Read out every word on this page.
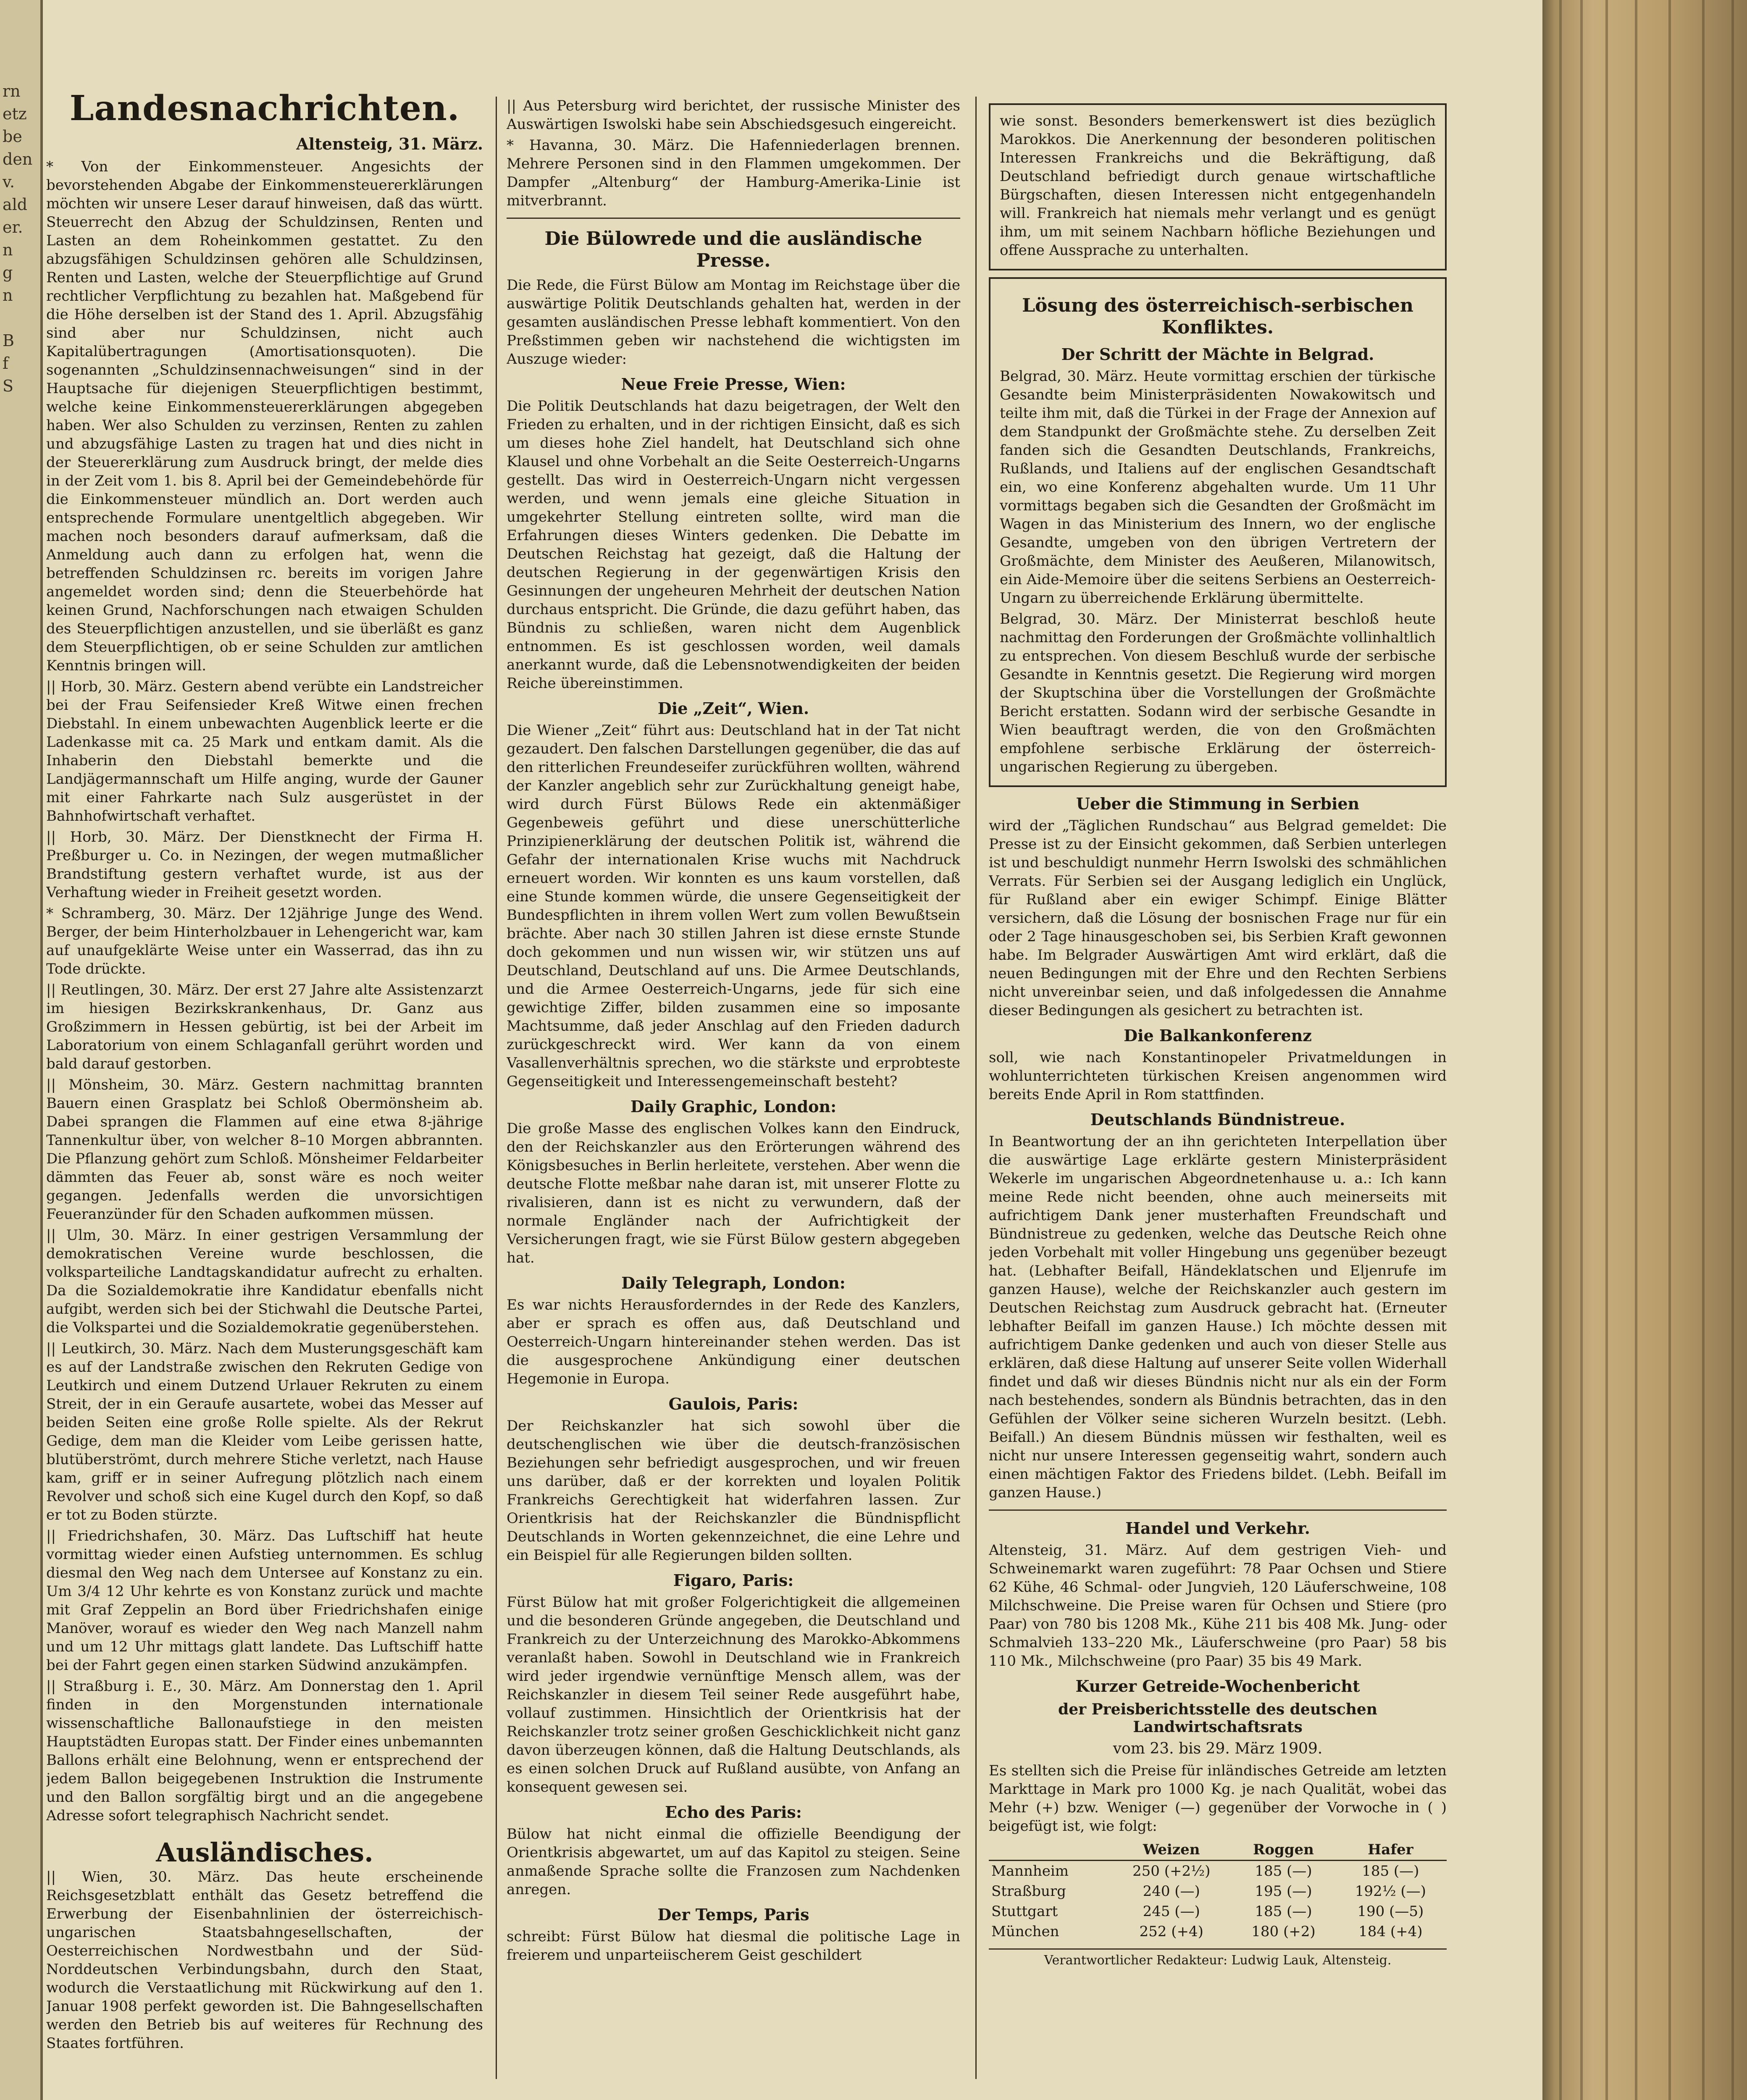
rn
etz
be
den
v.
ald
er.
n
g
n
B
f
S
Landesnachrichten.
Altensteig, 31. März.

* Von der Einkommensteuer. Angesichts der bevorstehenden Abgabe der Einkommensteuererklärungen möchten wir unsere Leser darauf hinweisen, daß das württ. Steuerrecht den Abzug der Schuldzinsen, Renten und Lasten an dem Roheinkommen gestattet. Zu den abzugsfähigen Schuldzinsen gehören alle Schuldzinsen, Renten und Lasten, welche der Steuerpflichtige auf Grund rechtlicher Verpflichtung zu bezahlen hat. Maßgebend für die Höhe derselben ist der Stand des 1. April. Abzugsfähig sind aber nur Schuldzinsen, nicht auch Kapitalübertragungen (Amortisationsquoten). Die sogenannten „Schuldzinsennachweisungen“ sind in der Hauptsache für diejenigen Steuerpflichtigen bestimmt, welche keine Einkommensteuererklärungen abgegeben haben. Wer also Schulden zu verzinsen, Renten zu zahlen und abzugsfähige Lasten zu tragen hat und dies nicht in der Steuererklärung zum Ausdruck bringt, der melde dies in der Zeit vom 1. bis 8. April bei der Gemeindebehörde für die Einkommensteuer mündlich an. Dort werden auch entsprechende Formulare unentgeltlich abgegeben. Wir machen noch besonders darauf aufmerksam, daß die Anmeldung auch dann zu erfolgen hat, wenn die betreffenden Schuldzinsen rc. bereits im vorigen Jahre angemeldet worden sind; denn die Steuerbehörde hat keinen Grund, Nachforschungen nach etwaigen Schulden des Steuerpflichtigen anzustellen, und sie überläßt es ganz dem Steuerpflichtigen, ob er seine Schulden zur amtlichen Kenntnis bringen will.

|| Horb, 30. März. Gestern abend verübte ein Landstreicher bei der Frau Seifensieder Kreß Witwe einen frechen Diebstahl. In einem unbewachten Augenblick leerte er die Ladenkasse mit ca. 25 Mark und entkam damit. Als die Inhaberin den Diebstahl bemerkte und die Landjägermannschaft um Hilfe anging, wurde der Gauner mit einer Fahrkarte nach Sulz ausgerüstet in der Bahnhofwirtschaft verhaftet.

|| Horb, 30. März. Der Dienstknecht der Firma H. Preßburger u. Co. in Nezingen, der wegen mutmaßlicher Brandstiftung gestern verhaftet wurde, ist aus der Verhaftung wieder in Freiheit gesetzt worden.

* Schramberg, 30. März. Der 12jährige Junge des Wend. Berger, der beim Hinterholzbauer in Lehengericht war, kam auf unaufgeklärte Weise unter ein Wasserrad, das ihn zu Tode drückte.

|| Reutlingen, 30. März. Der erst 27 Jahre alte Assistenzarzt im hiesigen Bezirkskrankenhaus, Dr. Ganz aus Großzimmern in Hessen gebürtig, ist bei der Arbeit im Laboratorium von einem Schlaganfall gerührt worden und bald darauf gestorben.

|| Mönsheim, 30. März. Gestern nachmittag brannten Bauern einen Grasplatz bei Schloß Obermönsheim ab. Dabei sprangen die Flammen auf eine etwa 8-jährige Tannenkultur über, von welcher 8–10 Morgen abbrannten. Die Pflanzung gehört zum Schloß. Mönsheimer Feldarbeiter dämmten das Feuer ab, sonst wäre es noch weiter gegangen. Jedenfalls werden die unvorsichtigen Feueranzünder für den Schaden aufkommen müssen.

|| Ulm, 30. März. In einer gestrigen Versammlung der demokratischen Vereine wurde beschlossen, die volksparteiliche Landtagskandidatur aufrecht zu erhalten. Da die Sozialdemokratie ihre Kandidatur ebenfalls nicht aufgibt, werden sich bei der Stichwahl die Deutsche Partei, die Volkspartei und die Sozialdemokratie gegenüberstehen.

|| Leutkirch, 30. März. Nach dem Musterungsgeschäft kam es auf der Landstraße zwischen den Rekruten Gedige von Leutkirch und einem Dutzend Urlauer Rekruten zu einem Streit, der in ein Geraufe ausartete, wobei das Messer auf beiden Seiten eine große Rolle spielte. Als der Rekrut Gedige, dem man die Kleider vom Leibe gerissen hatte, blutüberströmt, durch mehrere Stiche verletzt, nach Hause kam, griff er in seiner Aufregung plötzlich nach einem Revolver und schoß sich eine Kugel durch den Kopf, so daß er tot zu Boden stürzte.

|| Friedrichshafen, 30. März. Das Luftschiff hat heute vormittag wieder einen Aufstieg unternommen. Es schlug diesmal den Weg nach dem Untersee auf Konstanz zu ein. Um 3/4 12 Uhr kehrte es von Konstanz zurück und machte mit Graf Zeppelin an Bord über Friedrichshafen einige Manöver, worauf es wieder den Weg nach Manzell nahm und um 12 Uhr mittags glatt landete. Das Luftschiff hatte bei der Fahrt gegen einen starken Südwind anzukämpfen.

|| Straßburg i. E., 30. März. Am Donnerstag den 1. April finden in den Morgenstunden internationale wissenschaftliche Ballonaufstiege in den meisten Hauptstädten Europas statt. Der Finder eines unbemannten Ballons erhält eine Belohnung, wenn er entsprechend der jedem Ballon beigegebenen Instruktion die Instrumente und den Ballon sorgfältig birgt und an die angegebene Adresse sofort telegraphisch Nachricht sendet.

Ausländisches.

|| Wien, 30. März. Das heute erscheinende Reichsgesetzblatt enthält das Gesetz betreffend die Erwerbung der Eisenbahnlinien der österreichisch-ungarischen Staatsbahngesellschaften, der Oesterreichischen Nordwestbahn und der Süd-Norddeutschen Verbindungsbahn, durch den Staat, wodurch die Verstaatlichung mit Rückwirkung auf den 1. Januar 1908 perfekt geworden ist. Die Bahngesellschaften werden den Betrieb bis auf weiteres für Rechnung des Staates fortführen.

|| Aus Petersburg wird berichtet, der russische Minister des Auswärtigen Iswolski habe sein Abschiedsgesuch eingereicht.

* Havanna, 30. März. Die Hafenniederlagen brennen. Mehrere Personen sind in den Flammen umgekommen. Der Dampfer „Altenburg“ der Hamburg-Amerika-Linie ist mitverbrannt.

Die Bülowrede und die ausländische Presse.

Die Rede, die Fürst Bülow am Montag im Reichstage über die auswärtige Politik Deutschlands gehalten hat, werden in der gesamten ausländischen Presse lebhaft kommentiert. Von den Preßstimmen geben wir nachstehend die wichtigsten im Auszuge wieder:

Neue Freie Presse, Wien:

Die Politik Deutschlands hat dazu beigetragen, der Welt den Frieden zu erhalten, und in der richtigen Einsicht, daß es sich um dieses hohe Ziel handelt, hat Deutschland sich ohne Klausel und ohne Vorbehalt an die Seite Oesterreich-Ungarns gestellt. Das wird in Oesterreich-Ungarn nicht vergessen werden, und wenn jemals eine gleiche Situation in umgekehrter Stellung eintreten sollte, wird man die Erfahrungen dieses Winters gedenken. Die Debatte im Deutschen Reichstag hat gezeigt, daß die Haltung der deutschen Regierung in der gegenwärtigen Krisis den Gesinnungen der ungeheuren Mehrheit der deutschen Nation durchaus entspricht. Die Gründe, die dazu geführt haben, das Bündnis zu schließen, waren nicht dem Augenblick entnommen. Es ist geschlossen worden, weil damals anerkannt wurde, daß die Lebensnotwendigkeiten der beiden Reiche übereinstimmen.

Die „Zeit“, Wien.

Die Wiener „Zeit“ führt aus: Deutschland hat in der Tat nicht gezaudert. Den falschen Darstellungen gegenüber, die das auf den ritterlichen Freundeseifer zurückführen wollten, während der Kanzler angeblich sehr zur Zurückhaltung geneigt habe, wird durch Fürst Bülows Rede ein aktenmäßiger Gegenbeweis geführt und diese unerschütterliche Prinzipienerklärung der deutschen Politik ist, während die Gefahr der internationalen Krise wuchs mit Nachdruck erneuert worden. Wir konnten es uns kaum vorstellen, daß eine Stunde kommen würde, die unsere Gegenseitigkeit der Bundespflichten in ihrem vollen Wert zum vollen Bewußtsein brächte. Aber nach 30 stillen Jahren ist diese ernste Stunde doch gekommen und nun wissen wir, wir stützen uns auf Deutschland, Deutschland auf uns. Die Armee Deutschlands, und die Armee Oesterreich-Ungarns, jede für sich eine gewichtige Ziffer, bilden zusammen eine so imposante Machtsumme, daß jeder Anschlag auf den Frieden dadurch zurückgeschreckt wird. Wer kann da von einem Vasallenverhältnis sprechen, wo die stärkste und erprobteste Gegenseitigkeit und Interessengemeinschaft besteht?

Daily Graphic, London:

Die große Masse des englischen Volkes kann den Eindruck, den der Reichskanzler aus den Erörterungen während des Königsbesuches in Berlin herleitete, verstehen. Aber wenn die deutsche Flotte meßbar nahe daran ist, mit unserer Flotte zu rivalisieren, dann ist es nicht zu verwundern, daß der normale Engländer nach der Aufrichtigkeit der Versicherungen fragt, wie sie Fürst Bülow gestern abgegeben hat.

Daily Telegraph, London:

Es war nichts Herausforderndes in der Rede des Kanzlers, aber er sprach es offen aus, daß Deutschland und Oesterreich-Ungarn hintereinander stehen werden. Das ist die ausgesprochene Ankündigung einer deutschen Hegemonie in Europa.

Gaulois, Paris:

Der Reichskanzler hat sich sowohl über die deutschenglischen wie über die deutsch-französischen Beziehungen sehr befriedigt ausgesprochen, und wir freuen uns darüber, daß er der korrekten und loyalen Politik Frankreichs Gerechtigkeit hat widerfahren lassen. Zur Orientkrisis hat der Reichskanzler die Bündnispflicht Deutschlands in Worten gekennzeichnet, die eine Lehre und ein Beispiel für alle Regierungen bilden sollten.

Figaro, Paris:

Fürst Bülow hat mit großer Folgerichtigkeit die allgemeinen und die besonderen Gründe angegeben, die Deutschland und Frankreich zu der Unterzeichnung des Marokko-Abkommens veranlaßt haben. Sowohl in Deutschland wie in Frankreich wird jeder irgendwie vernünftige Mensch allem, was der Reichskanzler in diesem Teil seiner Rede ausgeführt habe, vollauf zustimmen. Hinsichtlich der Orientkrisis hat der Reichskanzler trotz seiner großen Geschicklichkeit nicht ganz davon überzeugen können, daß die Haltung Deutschlands, als es einen solchen Druck auf Rußland ausübte, von Anfang an konsequent gewesen sei.

Echo des Paris:

Bülow hat nicht einmal die offizielle Beendigung der Orientkrisis abgewartet, um auf das Kapitol zu steigen. Seine anmaßende Sprache sollte die Franzosen zum Nachdenken anregen.

Der Temps, Paris

schreibt: Fürst Bülow hat diesmal die politische Lage in freierem und unparteiischerem Geist geschildert

wie sonst. Besonders bemerkenswert ist dies bezüglich Marokkos. Die Anerkennung der besonderen politischen Interessen Frankreichs und die Bekräftigung, daß Deutschland befriedigt durch genaue wirtschaftliche Bürgschaften, diesen Interessen nicht entgegenhandeln will. Frankreich hat niemals mehr verlangt und es genügt ihm, um mit seinem Nachbarn höfliche Beziehungen und offene Aussprache zu unterhalten.

Lösung des österreichisch-serbischen Konfliktes.
Der Schritt der Mächte in Belgrad.

Belgrad, 30. März. Heute vormittag erschien der türkische Gesandte beim Ministerpräsidenten Nowakowitsch und teilte ihm mit, daß die Türkei in der Frage der Annexion auf dem Standpunkt der Großmächte stehe. Zu derselben Zeit fanden sich die Gesandten Deutschlands, Frankreichs, Rußlands, und Italiens auf der englischen Gesandtschaft ein, wo eine Konferenz abgehalten wurde. Um 11 Uhr vormittags begaben sich die Gesandten der Großmächt im Wagen in das Ministerium des Innern, wo der englische Gesandte, umgeben von den übrigen Vertretern der Großmächte, dem Minister des Aeußeren, Milanowitsch, ein Aide-Memoire über die seitens Serbiens an Oesterreich-Ungarn zu überreichende Erklärung übermittelte.

Belgrad, 30. März. Der Ministerrat beschloß heute nachmittag den Forderungen der Großmächte vollinhaltlich zu entsprechen. Von diesem Beschluß wurde der serbische Gesandte in Kenntnis gesetzt. Die Regierung wird morgen der Skuptschina über die Vorstellungen der Großmächte Bericht erstatten. Sodann wird der serbische Gesandte in Wien beauftragt werden, die von den Großmächten empfohlene serbische Erklärung der österreich-ungarischen Regierung zu übergeben.

Ueber die Stimmung in Serbien

wird der „Täglichen Rundschau“ aus Belgrad gemeldet: Die Presse ist zu der Einsicht gekommen, daß Serbien unterlegen ist und beschuldigt nunmehr Herrn Iswolski des schmählichen Verrats. Für Serbien sei der Ausgang lediglich ein Unglück, für Rußland aber ein ewiger Schimpf. Einige Blätter versichern, daß die Lösung der bosnischen Frage nur für ein oder 2 Tage hinausgeschoben sei, bis Serbien Kraft gewonnen habe. Im Belgrader Auswärtigen Amt wird erklärt, daß die neuen Bedingungen mit der Ehre und den Rechten Serbiens nicht unvereinbar seien, und daß infolgedessen die Annahme dieser Bedingungen als gesichert zu betrachten ist.

Die Balkankonferenz

soll, wie nach Konstantinopeler Privatmeldungen in wohlunterrichteten türkischen Kreisen angenommen wird bereits Ende April in Rom stattfinden.

Deutschlands Bündnistreue.

In Beantwortung der an ihn gerichteten Interpellation über die auswärtige Lage erklärte gestern Ministerpräsident Wekerle im ungarischen Abgeordnetenhause u. a.: Ich kann meine Rede nicht beenden, ohne auch meinerseits mit aufrichtigem Dank jener musterhaften Freundschaft und Bündnistreue zu gedenken, welche das Deutsche Reich ohne jeden Vorbehalt mit voller Hingebung uns gegenüber bezeugt hat. (Lebhafter Beifall, Händeklatschen und Eljenrufe im ganzen Hause), welche der Reichskanzler auch gestern im Deutschen Reichstag zum Ausdruck gebracht hat. (Erneuter lebhafter Beifall im ganzen Hause.) Ich möchte dessen mit aufrichtigem Danke gedenken und auch von dieser Stelle aus erklären, daß diese Haltung auf unserer Seite vollen Widerhall findet und daß wir dieses Bündnis nicht nur als ein der Form nach bestehendes, sondern als Bündnis betrachten, das in den Gefühlen der Völker seine sicheren Wurzeln besitzt. (Lebh. Beifall.) An diesem Bündnis müssen wir festhalten, weil es nicht nur unsere Interessen gegenseitig wahrt, sondern auch einen mächtigen Faktor des Friedens bildet. (Lebh. Beifall im ganzen Hause.)

Handel und Verkehr.

Altensteig, 31. März. Auf dem gestrigen Vieh- und Schweinemarkt waren zugeführt: 78 Paar Ochsen und Stiere 62 Kühe, 46 Schmal- oder Jungvieh, 120 Läuferschweine, 108 Milchschweine. Die Preise waren für Ochsen und Stiere (pro Paar) von 780 bis 1208 Mk., Kühe 211 bis 408 Mk. Jung- oder Schmalvieh 133–220 Mk., Läuferschweine (pro Paar) 58 bis 110 Mk., Milchschweine (pro Paar) 35 bis 49 Mark.

Kurzer Getreide-Wochenbericht
der Preisberichtsstelle des deutschen Landwirtschaftsrats
vom 23. bis 29. März 1909.

Es stellten sich die Preise für inländisches Getreide am letzten Markttage in Mark pro 1000 Kg. je nach Qualität, wobei das Mehr (+) bzw. Weniger (—) gegenüber der Vorwoche in ( ) beigefügt ist, wie folgt:

	Weizen	Roggen	Hafer
Mannheim	250 (+2½)	185 (—)	185 (—)
Straßburg	240 (—)	195 (—)	192½ (—)
Stuttgart	245 (—)	185 (—)	190 (—5)
München	252 (+4)	180 (+2)	184 (+4)
Verantwortlicher Redakteur: Ludwig Lauk, Altensteig.
